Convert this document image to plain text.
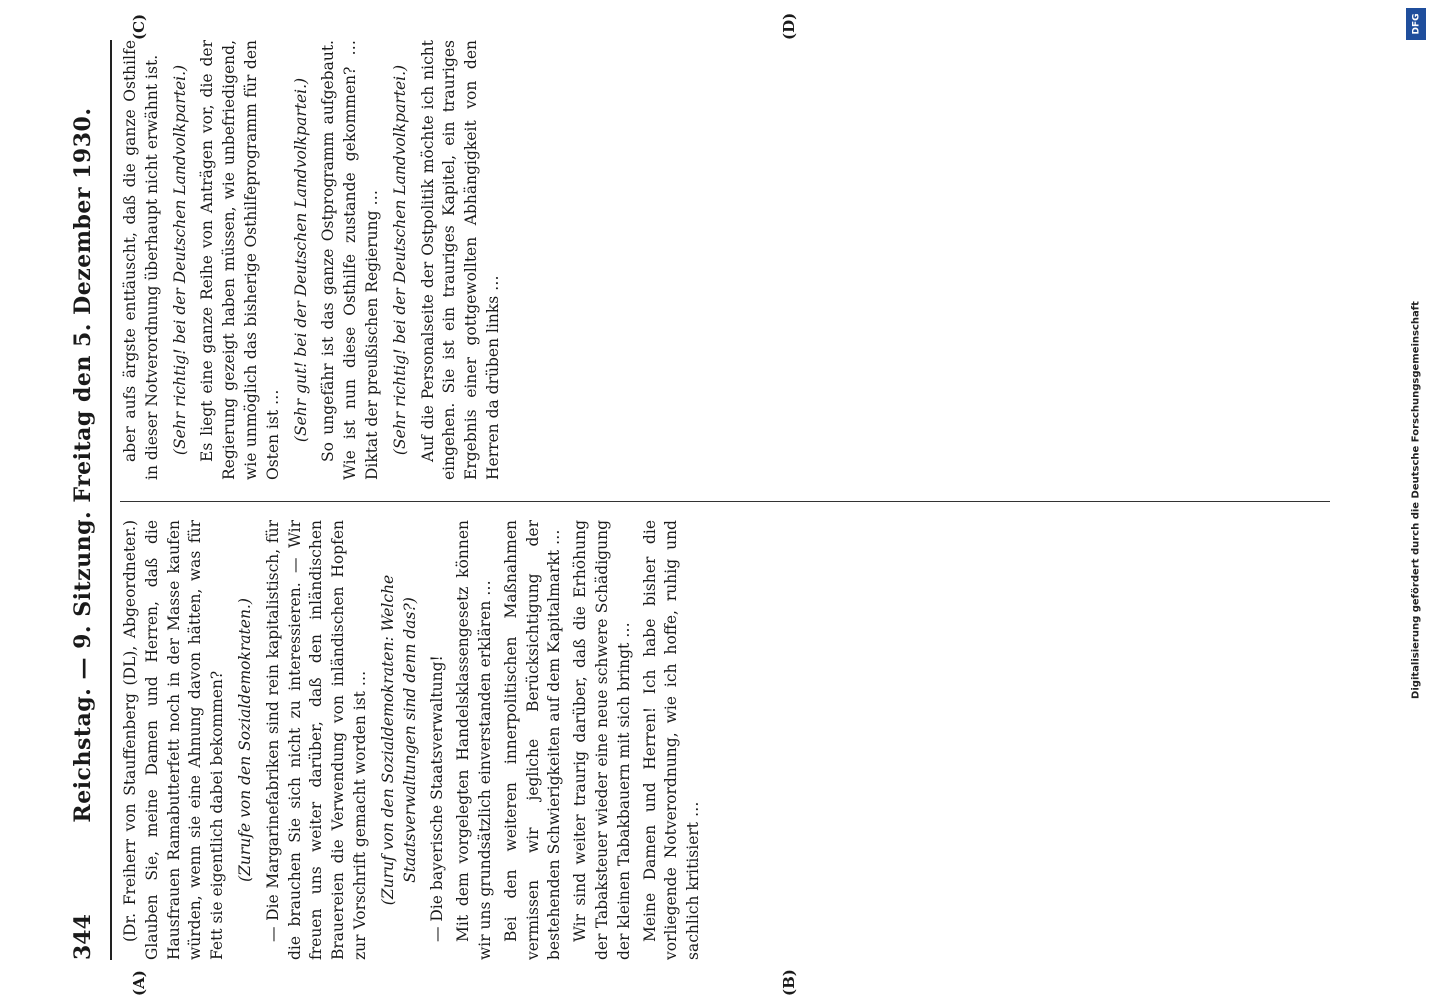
344
Reichstag. — 9. Sitzung. Freitag den 5. Dezember 1930.
(A)	(B)
(C)	(D)

(Dr. Freiherr von Stauffenberg (DL), Abgeordneter.) Glauben Sie, meine Damen und Herren, daß die Hausfrauen Ramabutterfett noch in der Masse kaufen würden, wenn sie eine Ahnung davon hätten, was für Fett sie eigentlich dabei bekommen? (Zurufe von den Sozialdemokraten.) — Die Margarinefabriken sind rein kapitalistisch, für die brauchen Sie sich nicht zu interessieren. — Wir freuen uns weiter darüber, daß den inländischen Brauereien die Verwendung von inländischen Hopfen zur Vorschrift gemacht worden ist … (Zuruf von den Sozialdemokraten: Welche Staatsverwaltungen sind denn das?) — Die bayerische Staatsverwaltung! Mit dem vorgelegten Handelsklassengesetz können wir uns grundsätzlich einverstanden erklären … Bei den weiteren innerpolitischen Maßnahmen vermissen wir jegliche Berücksichtigung der bestehenden Schwierigkeiten auf dem Kapitalmarkt … Wir sind weiter traurig darüber, daß die Erhöhung der Tabaksteuer wieder eine neue schwere Schädigung der kleinen Tabakbauern mit sich bringt … Meine Damen und Herren! Ich habe bisher die vorliegende Notverordnung, wie ich hoffe, ruhig und sachlich kritisiert …

aber aufs ärgste enttäuscht, daß die ganze Osthilfe in dieser Notverordnung überhaupt nicht erwähnt ist. (Sehr richtig! bei der Deutschen Landvolkpartei.) Es liegt eine ganze Reihe von Anträgen vor, die der Regierung gezeigt haben müssen, wie unbefriedigend, wie unmöglich das bisherige Osthilfeprogramm für den Osten ist … (Sehr gut! bei der Deutschen Landvolkpartei.) So ungefähr ist das ganze Ostprogramm aufgebaut. Wie ist nun diese Osthilfe zustande gekommen? … Diktat der preußischen Regierung … (Sehr richtig! bei der Deutschen Landvolkpartei.) Auf die Personalseite der Ostpolitik möchte ich nicht eingehen. Sie ist ein trauriges Kapitel, ein trauriges Ergebnis einer gottgewollten Abhängigkeit von den Herren da drüben links …

DFG
Digitalisierung gefördert durch die Deutsche Forschungsgemeinschaft
